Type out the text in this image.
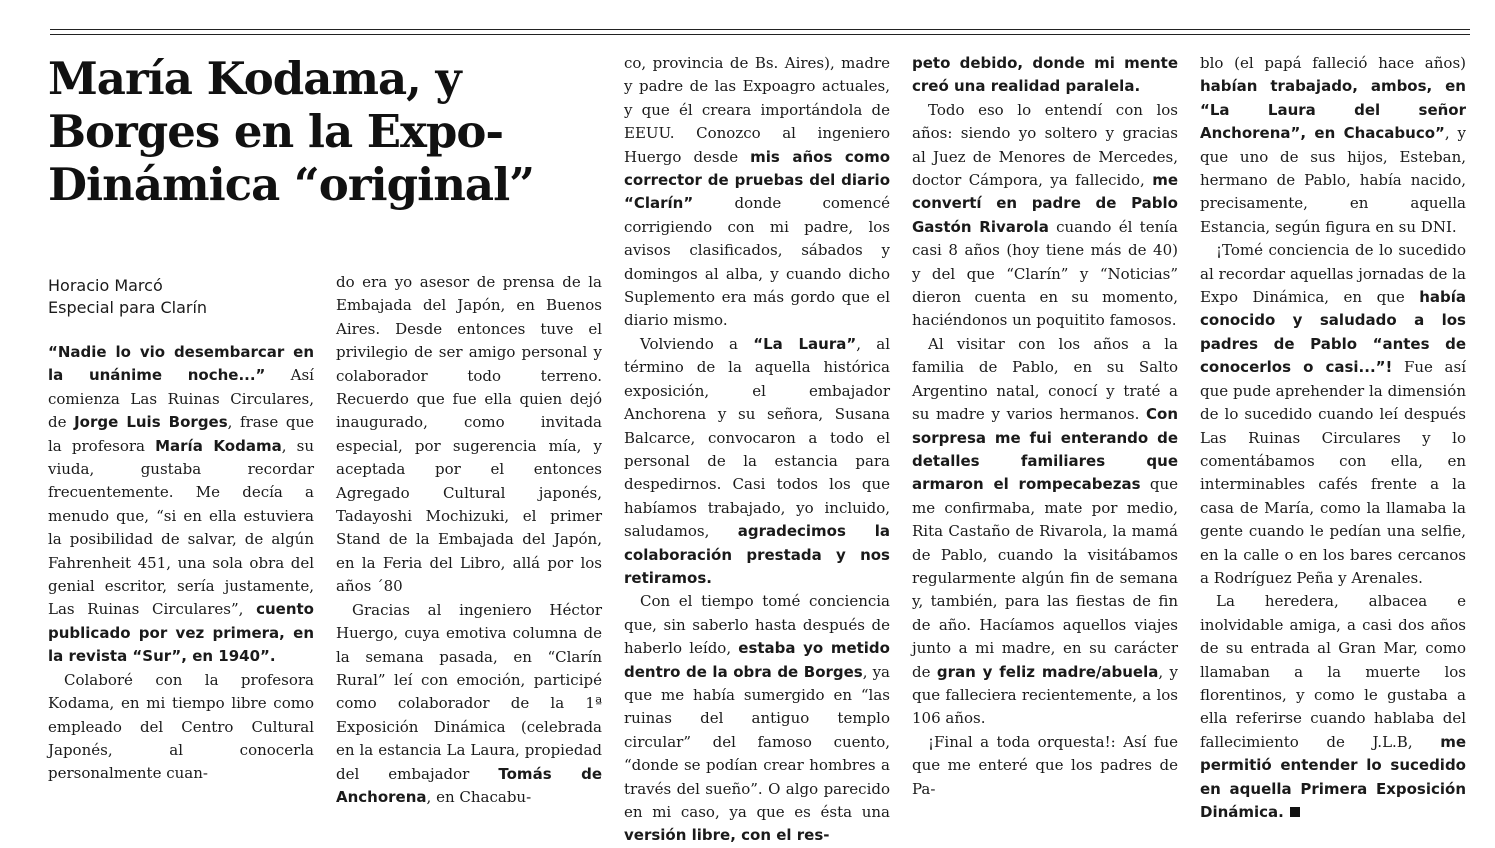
María Kodama, y Borges en la Expo-Dinámica “original”
Horacio Marcó
Especial para Clarín

“Nadie lo vio desembarcar en la unánime noche...” Así comienza Las Ruinas Circulares, de Jorge Luis Borges, frase que la profesora María Kodama, su viuda, gustaba recordar frecuentemente. Me decía a menudo que, “si en ella estuviera la posibilidad de salvar, de algún Fahrenheit 451, una sola obra del genial escritor, sería justamente, Las Ruinas Circulares”, cuento publicado por vez primera, en la revista “Sur”, en 1940”.

Colaboré con la profesora Kodama, en mi tiempo libre como empleado del Centro Cultural Japonés, al conocerla personalmente cuan-

do era yo asesor de prensa de la Embajada del Japón, en Buenos Aires. Desde entonces tuve el privilegio de ser amigo personal y colaborador todo terreno. Recuerdo que fue ella quien dejó inaugurado, como invitada especial, por sugerencia mía, y aceptada por el entonces Agregado Cultural japonés, Tadayoshi Mochizuki, el primer Stand de la Embajada del Japón, en la Feria del Libro, allá por los años ´80

Gracias al ingeniero Héctor Huergo, cuya emotiva columna de la semana pasada, en “Clarín Rural” leí con emoción, participé como colaborador de la 1ª Exposición Dinámica (celebrada en la estancia La Laura, propiedad del embajador Tomás de Anchorena, en Chacabu-

co, provincia de Bs. Aires), madre y padre de las Expoagro actuales, y que él creara importándola de EEUU. Conozco al ingeniero Huergo desde mis años como corrector de pruebas del diario “Clarín” donde comencé corrigiendo con mi padre, los avisos clasificados, sábados y domingos al alba, y cuando dicho Suplemento era más gordo que el diario mismo.

Volviendo a “La Laura”, al término de la aquella histórica exposición, el embajador Anchorena y su señora, Susana Balcarce, convocaron a todo el personal de la estancia para despedirnos. Casi todos los que habíamos trabajado, yo incluido, saludamos, agradecimos la colaboración prestada y nos retiramos.

Con el tiempo tomé conciencia que, sin saberlo hasta después de haberlo leído, estaba yo metido dentro de la obra de Borges, ya que me había sumergido en “las ruinas del antiguo templo circular” del famoso cuento, “donde se podían crear hombres a través del sueño”. O algo parecido en mi caso, ya que es ésta una versión libre, con el res-

peto debido, donde mi mente creó una realidad paralela.

Todo eso lo entendí con los años: siendo yo soltero y gracias al Juez de Menores de Mercedes, doctor Cámpora, ya fallecido, me convertí en padre de Pablo Gastón Rivarola cuando él tenía casi 8 años (hoy tiene más de 40) y del que “Clarín” y “Noticias” dieron cuenta en su momento, haciéndonos un poquitito famosos.

Al visitar con los años a la familia de Pablo, en su Salto Argentino natal, conocí y traté a su madre y varios hermanos. Con sorpresa me fui enterando de detalles familiares que armaron el rompecabezas que me confirmaba, mate por medio, Rita Castaño de Rivarola, la mamá de Pablo, cuando la visitábamos regularmente algún fin de semana y, también, para las fiestas de fin de año. Hacíamos aquellos viajes junto a mi madre, en su carácter de gran y feliz madre/abuela, y que falleciera recientemente, a los 106 años.

¡Final a toda orquesta!: Así fue que me enteré que los padres de Pa-

blo (el papá falleció hace años) habían trabajado, ambos, en “La Laura del señor Anchorena”, en Chacabuco”, y que uno de sus hijos, Esteban, hermano de Pablo, había nacido, precisamente, en aquella Estancia, según figura en su DNI.

¡Tomé conciencia de lo sucedido al recordar aquellas jornadas de la Expo Dinámica, en que había conocido y saludado a los padres de Pablo “antes de conocerlos o casi...”! Fue así que pude aprehender la dimensión de lo sucedido cuando leí después Las Ruinas Circulares y lo comentábamos con ella, en interminables cafés frente a la casa de María, como la llamaba la gente cuando le pedían una selfie, en la calle o en los bares cercanos a Rodríguez Peña y Arenales.

La heredera, albacea e inolvidable amiga, a casi dos años de su entrada al Gran Mar, como llamaban a la muerte los florentinos, y como le gustaba a ella referirse cuando hablaba del fallecimiento de J.L.B, me permitió entender lo sucedido en aquella Primera Exposición Dinámica.
